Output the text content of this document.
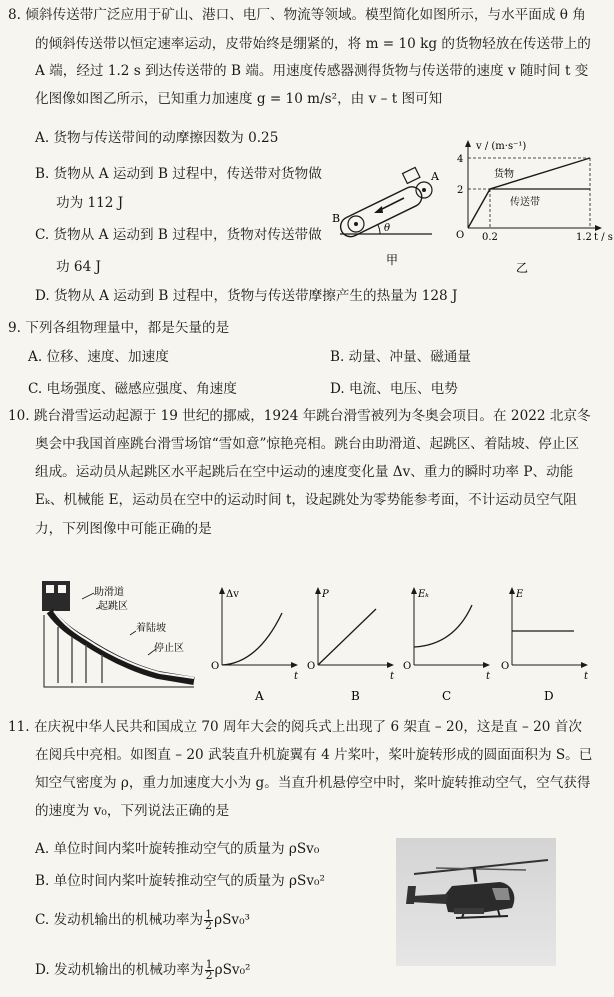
8. 倾斜传送带广泛应用于矿山、港口、电厂、物流等领域。模型简化如图所示，与水平面成 θ 角
的倾斜传送带以恒定速率运动，皮带始终是绷紧的，将 m = 10 kg 的货物轻放在传送带上的
A 端，经过 1.2 s 到达传送带的 B 端。用速度传感器测得货物与传送带的速度 v 随时间 t 变
化图像如图乙所示，已知重力加速度 g = 10 m/s²，由 v – t 图可知
A. 货物与传送带间的动摩擦因数为 0.25
B. 货物从 A 运动到 B 过程中，传送带对货物做
功为 112 J
C. 货物从 A 运动到 B 过程中，货物对传送带做
功 64 J
D. 货物从 A 运动到 B 过程中，货物与传送带摩擦产生的热量为 128 J
A
B
θ
甲
v / (m·s⁻¹)
4
2
O 0.2	1.2 t / s
货物
传送带
乙
9. 下列各组物理量中，都是矢量的是
A. 位移、速度、加速度	B. 动量、冲量、磁通量
C. 电场强度、磁感应强度、角速度	D. 电流、电压、电势
10. 跳台滑雪运动起源于 19 世纪的挪威，1924 年跳台滑雪被列为冬奥会项目。在 2022 北京冬
奥会中我国首座跳台滑雪场馆“雪如意”惊艳亮相。跳台由助滑道、起跳区、着陆坡、停止区
组成。运动员从起跳区水平起跳后在空中运动的速度变化量 Δv、重力的瞬时功率 P、动能
Eₖ、机械能 E，运动员在空中的运动时间 t，设起跳处为零势能参考面，不计运动员空气阻
力，下列图像中可能正确的是
助滑道
起跳区
着陆坡
停止区
Δv
O
t
A
P
O
t
B
Eₖ
O
t
C
E
O
t
D
11. 在庆祝中华人民共和国成立 70 周年大会的阅兵式上出现了 6 架直 – 20，这是直 – 20 首次
在阅兵中亮相。如图直 – 20 武装直升机旋翼有 4 片桨叶，桨叶旋转形成的圆面面积为 S。已
知空气密度为 ρ，重力加速度大小为 g。当直升机悬停空中时，桨叶旋转推动空气，空气获得
的速度为 v₀，下列说法正确的是
A. 单位时间内桨叶旋转推动空气的质量为 ρSv₀
B. 单位时间内桨叶旋转推动空气的质量为 ρSv₀²
C. 发动机输出的机械功率为 $\frac{1}{2} \rho Sv_0^3$
D. 发动机输出的机械功率为 $\frac{1}{2} \rho Sv_0^2$
